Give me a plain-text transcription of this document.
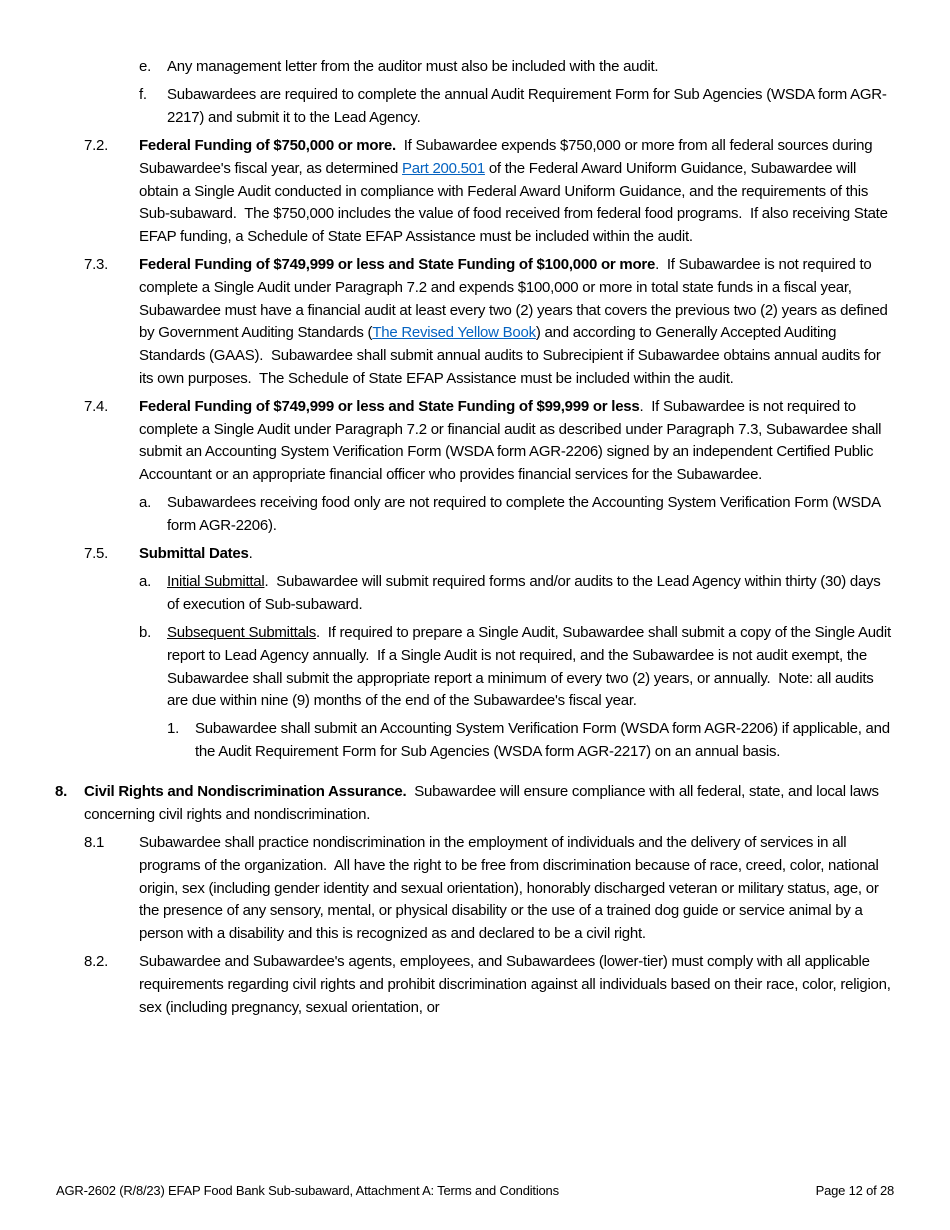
e. Any management letter from the auditor must also be included with the audit.
f. Subawardees are required to complete the annual Audit Requirement Form for Sub Agencies (WSDA form AGR-2217) and submit it to the Lead Agency.
7.2. Federal Funding of $750,000 or more.  If Subawardee expends $750,000 or more from all federal sources during Subawardee's fiscal year, as determined Part 200.501 of the Federal Award Uniform Guidance, Subawardee will obtain a Single Audit conducted in compliance with Federal Award Uniform Guidance, and the requirements of this Sub-subaward.  The $750,000 includes the value of food received from federal food programs.  If also receiving State EFAP funding, a Schedule of State EFAP Assistance must be included within the audit.
7.3. Federal Funding of $749,999 or less and State Funding of $100,000 or more.  If Subawardee is not required to complete a Single Audit under Paragraph 7.2 and expends $100,000 or more in total state funds in a fiscal year, Subawardee must have a financial audit at least every two (2) years that covers the previous two (2) years as defined by Government Auditing Standards (The Revised Yellow Book) and according to Generally Accepted Auditing Standards (GAAS).  Subawardee shall submit annual audits to Subrecipient if Subawardee obtains annual audits for its own purposes.  The Schedule of State EFAP Assistance must be included within the audit.
7.4. Federal Funding of $749,999 or less and State Funding of $99,999 or less.  If Subawardee is not required to complete a Single Audit under Paragraph 7.2 or financial audit as described under Paragraph 7.3, Subawardee shall submit an Accounting System Verification Form (WSDA form AGR-2206) signed by an independent Certified Public Accountant or an appropriate financial officer who provides financial services for the Subawardee.
a. Subawardees receiving food only are not required to complete the Accounting System Verification Form (WSDA form AGR-2206).
7.5. Submittal Dates.
a. Initial Submittal.  Subawardee will submit required forms and/or audits to the Lead Agency within thirty (30) days of execution of Sub-subaward.
b. Subsequent Submittals.  If required to prepare a Single Audit, Subawardee shall submit a copy of the Single Audit report to Lead Agency annually.  If a Single Audit is not required, and the Subawardee is not audit exempt, the Subawardee shall submit the appropriate report a minimum of every two (2) years, or annually.  Note: all audits are due within nine (9) months of the end of the Subawardee's fiscal year.
1. Subawardee shall submit an Accounting System Verification Form (WSDA form AGR-2206) if applicable, and the Audit Requirement Form for Sub Agencies (WSDA form AGR-2217) on an annual basis.
8. Civil Rights and Nondiscrimination Assurance.  Subawardee will ensure compliance with all federal, state, and local laws concerning civil rights and nondiscrimination.
8.1 Subawardee shall practice nondiscrimination in the employment of individuals and the delivery of services in all programs of the organization.  All have the right to be free from discrimination because of race, creed, color, national origin, sex (including gender identity and sexual orientation), honorably discharged veteran or military status, age, or the presence of any sensory, mental, or physical disability or the use of a trained dog guide or service animal by a person with a disability and this is recognized as and declared to be a civil right.
8.2. Subawardee and Subawardee's agents, employees, and Subawardees (lower-tier) must comply with all applicable requirements regarding civil rights and prohibit discrimination against all individuals based on their race, color, religion, sex (including pregnancy, sexual orientation, or
AGR-2602 (R/8/23) EFAP Food Bank Sub-subaward, Attachment A: Terms and Conditions	Page 12 of 28
